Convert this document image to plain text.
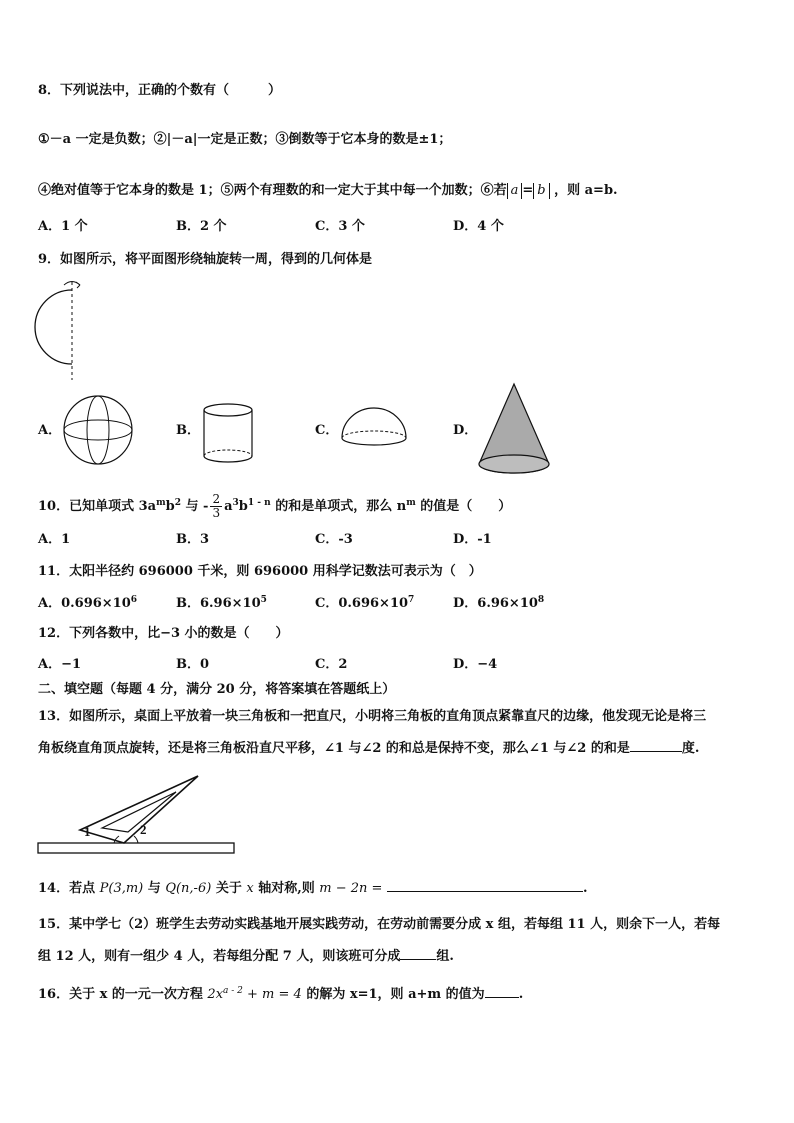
8．下列说法中，正确的个数有（　　　）
①－a 一定是负数；②|－a|一定是正数；③倒数等于它本身的数是±1；
④绝对值等于它本身的数是 1；⑤两个有理数的和一定大于其中每一个加数；⑥若 a = b ，则 a=b.
A．1 个	B．2 个	C．3 个	D．4 个
9．如图所示，将平面图形绕轴旋转一周，得到的几何体是
A．	B．	C．	D．
10．已知单项式 $3a^mb^2$ 与 - $\frac{2}{3} a^3b^{1 - n}$ 的和是单项式，那么 $n^m$ 的值是（　　）
A．1	B．3	C．-3	D．-1
11．太阳半径约 696000 千米，则 696000 用科学记数法可表示为（　）
A．$0.696\times 10^6$	B．$6.96\times 10^5$	C．$0.696\times 10^7$	D．$6.96\times 10^8$
12．下列各数中，比−3 小的数是（　　）
A．−1	B．0	C．2	D．−4
二、填空题（每题 4 分，满分 20 分，将答案填在答题纸上）
13．如图所示，桌面上平放着一块三角板和一把直尺，小明将三角板的直角顶点紧靠直尺的边缘，他发现无论是将三
角板绕直角顶点旋转，还是将三角板沿直尺平移，∠1 与∠2 的和总是保持不变，那么∠1 与∠2 的和是	度.
1	2
14．若点 P(3,m) 与 Q(n,-6) 关于 x 轴对称,则 m − 2n =	.
15．某中学七（2）班学生去劳动实践基地开展实践劳动，在劳动前需要分成 x 组，若每组 11 人，则余下一人，若每
组 12 人，则有一组少 4 人，若每组分配 7 人，则该班可分成	组.
16．关于 x 的一元一次方程 $2x^{a - 2} + m = 4$ 的解为 x=1，则 a+m 的值为	.
